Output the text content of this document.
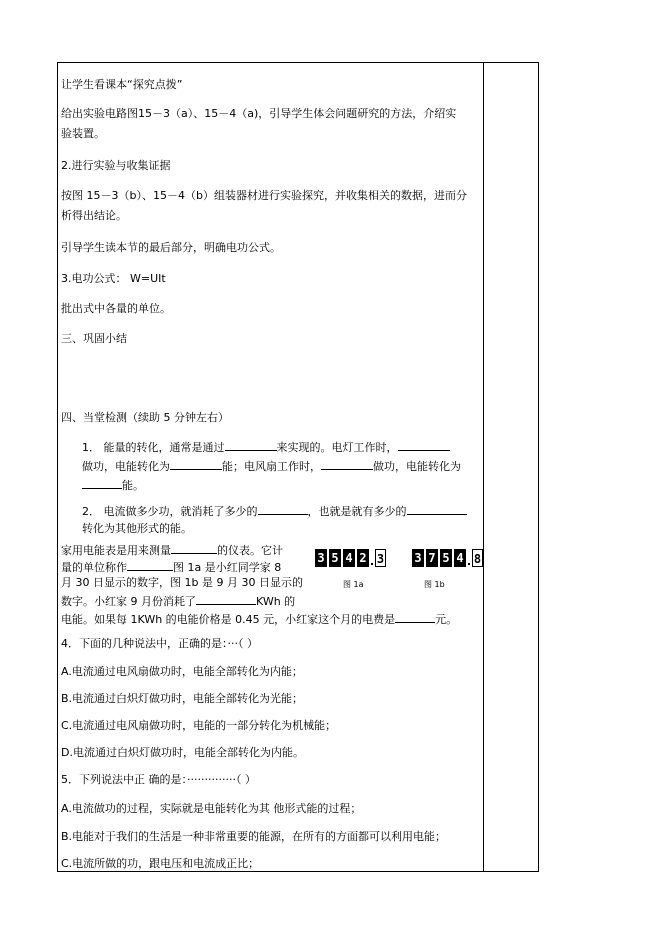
让学生看课本“探究点拨”
给出实验电路图15－3（a）、15－4（a)，引导学生体会问题研究的方法，介绍实
验装置。
2.进行实验与收集证据
按图 15－3（b）、15－4（b）组装器材进行实验探究，并收集相关的数据，进而分
析得出结论。
引导学生读本节的最后部分，明确电功公式。
3.电功公式： W=UIt
批出式中各量的单位。
三、巩固小结
四、当堂检测（续助 5 分钟左右）
1． 能量的转化，通常是通过	来实现的。电灯工作时，
做功，电能转化为	能；电风扇工作时，	做功，电能转化为
能。
2． 电流做多少功，就消耗了多少的	，也就是就有多少的
转化为其他形式的能。
家用电能表是用来测量	的仪表。它计
量的单位称作	图 1a 是小红同学家 8
月 30 日显示的数字，图 1b 是 9 月 30 日显示的
数字。小红家 9 月份消耗了	KWh 的
电能。如果每 1KWh 的电能价格是 0.45 元，小红家这个月的电费是	元。
3 5 4 2 3
图 1a
3 7 5 4 8
图 1b
4．下面的几种说法中，正确的是：···（ ）
A.电流通过电风扇做功时，电能全部转化为内能；
B.电流通过白炽灯做功时，电能全部转化为光能；
C.电流通过电风扇做功时，电能的一部分转化为机械能；
D.电流通过白炽灯做功时，电能全部转化为内能。
5．下列说法中正 确的是：··············（ ）
A.电流做功的过程，实际就是电能转化为其 他形式能的过程；
B.电能对于我们的生活是一种非常重要的能源，在所有的方面都可以利用电能；
C.电流所做的功，跟电压和电流成正比；
